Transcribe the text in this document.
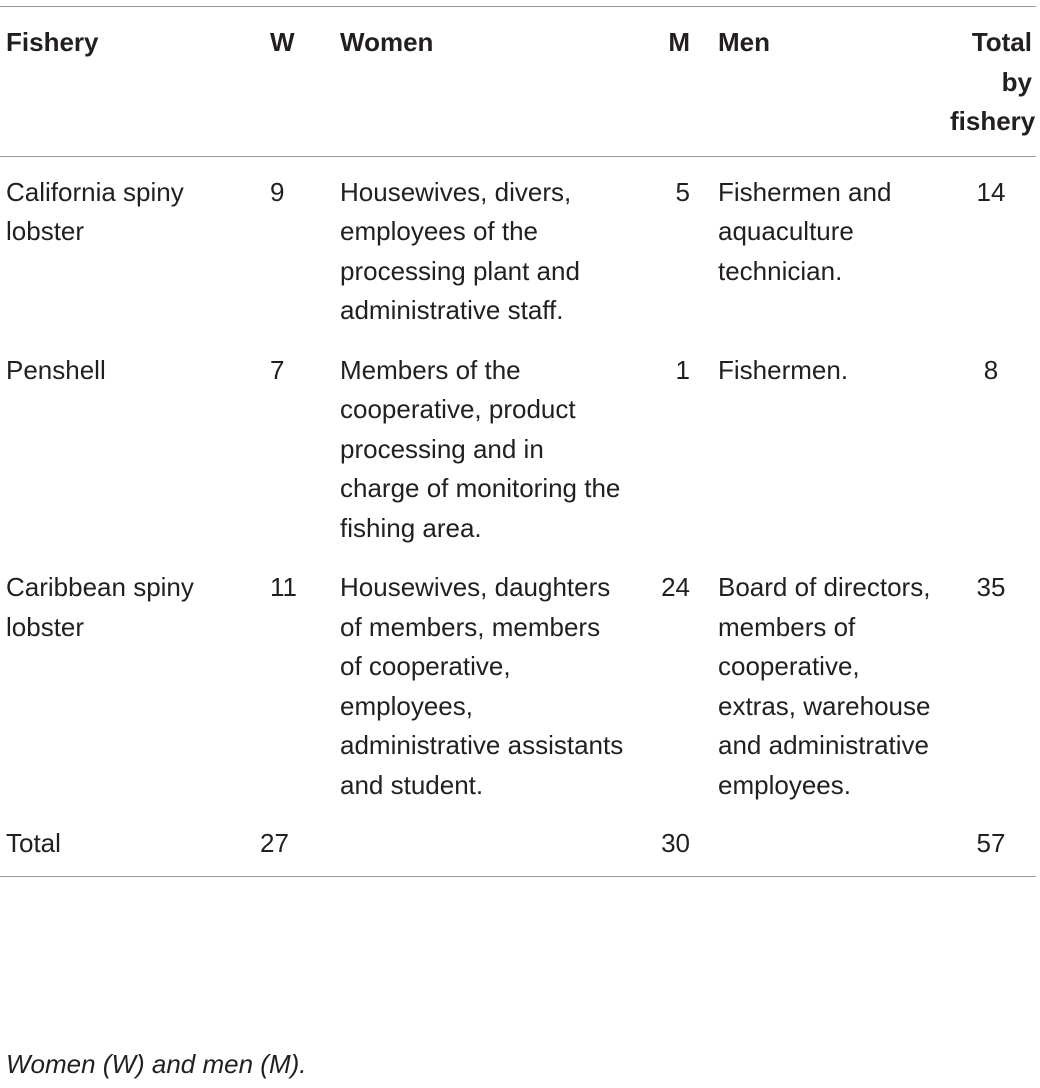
Fishery	W	Women	M	Men	Total by fishery
California spiny lobster	9	Housewives, divers, employees of the processing plant and administrative staff.	5	Fishermen and aquaculture technician.	14
Penshell	7	Members of the cooperative, product processing and in charge of monitoring the fishing area.	1	Fishermen.	8
Caribbean spiny lobster	11	Housewives, daughters of members, members of cooperative, employees, administrative assistants and student.	24	Board of directors, members of cooperative, extras, warehouse and administrative employees.	35
Total	27		30		57
Women (W) and men (M).
